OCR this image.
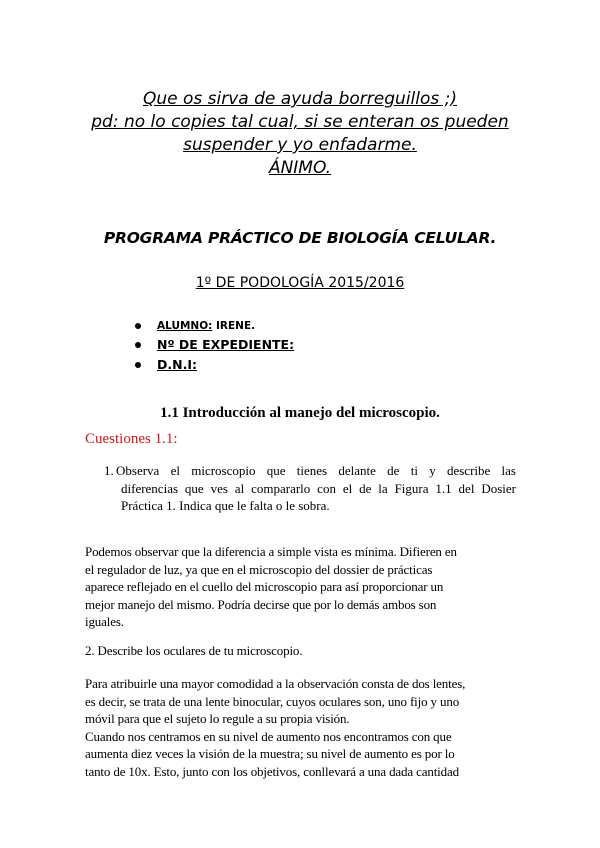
Que os sirva de ayuda borreguillos ;)
pd: no lo copies tal cual, si se enteran os pueden
suspender y yo enfadarme.
ÁNIMO.
PROGRAMA PRÁCTICO DE BIOLOGÍA CELULAR.
1º DE PODOLOGÍA 2015/2016
ALUMNO: IRENE.
Nº DE EXPEDIENTE:
D.N.I:
1.1 Introducción al manejo del microscopio.
Cuestiones 1.1:
1. Observa el microscopio que tienes delante de ti y describe las
diferencias que ves al compararlo con el de la Figura 1.1 del Dosier
Práctica 1. Indica que le falta o le sobra.
Podemos observar que la diferencia a simple vista es mínima. Difieren en
el regulador de luz, ya que en el microscopio del dossier de prácticas
aparece reflejado en el cuello del microscopio para así proporcionar un
mejor manejo del mismo. Podría decirse que por lo demás ambos son
iguales.
2. Describe los oculares de tu microscopio.
Para atribuirle una mayor comodidad a la observación consta de dos lentes,
es decir, se trata de una lente binocular, cuyos oculares son, uno fijo y uno
móvil para que el sujeto lo regule a su propia visión.
Cuando nos centramos en su nivel de aumento nos encontramos con que
aumenta diez veces la visión de la muestra; su nivel de aumento es por lo
tanto de 10x. Esto, junto con los objetivos, conllevará a una dada cantidad
